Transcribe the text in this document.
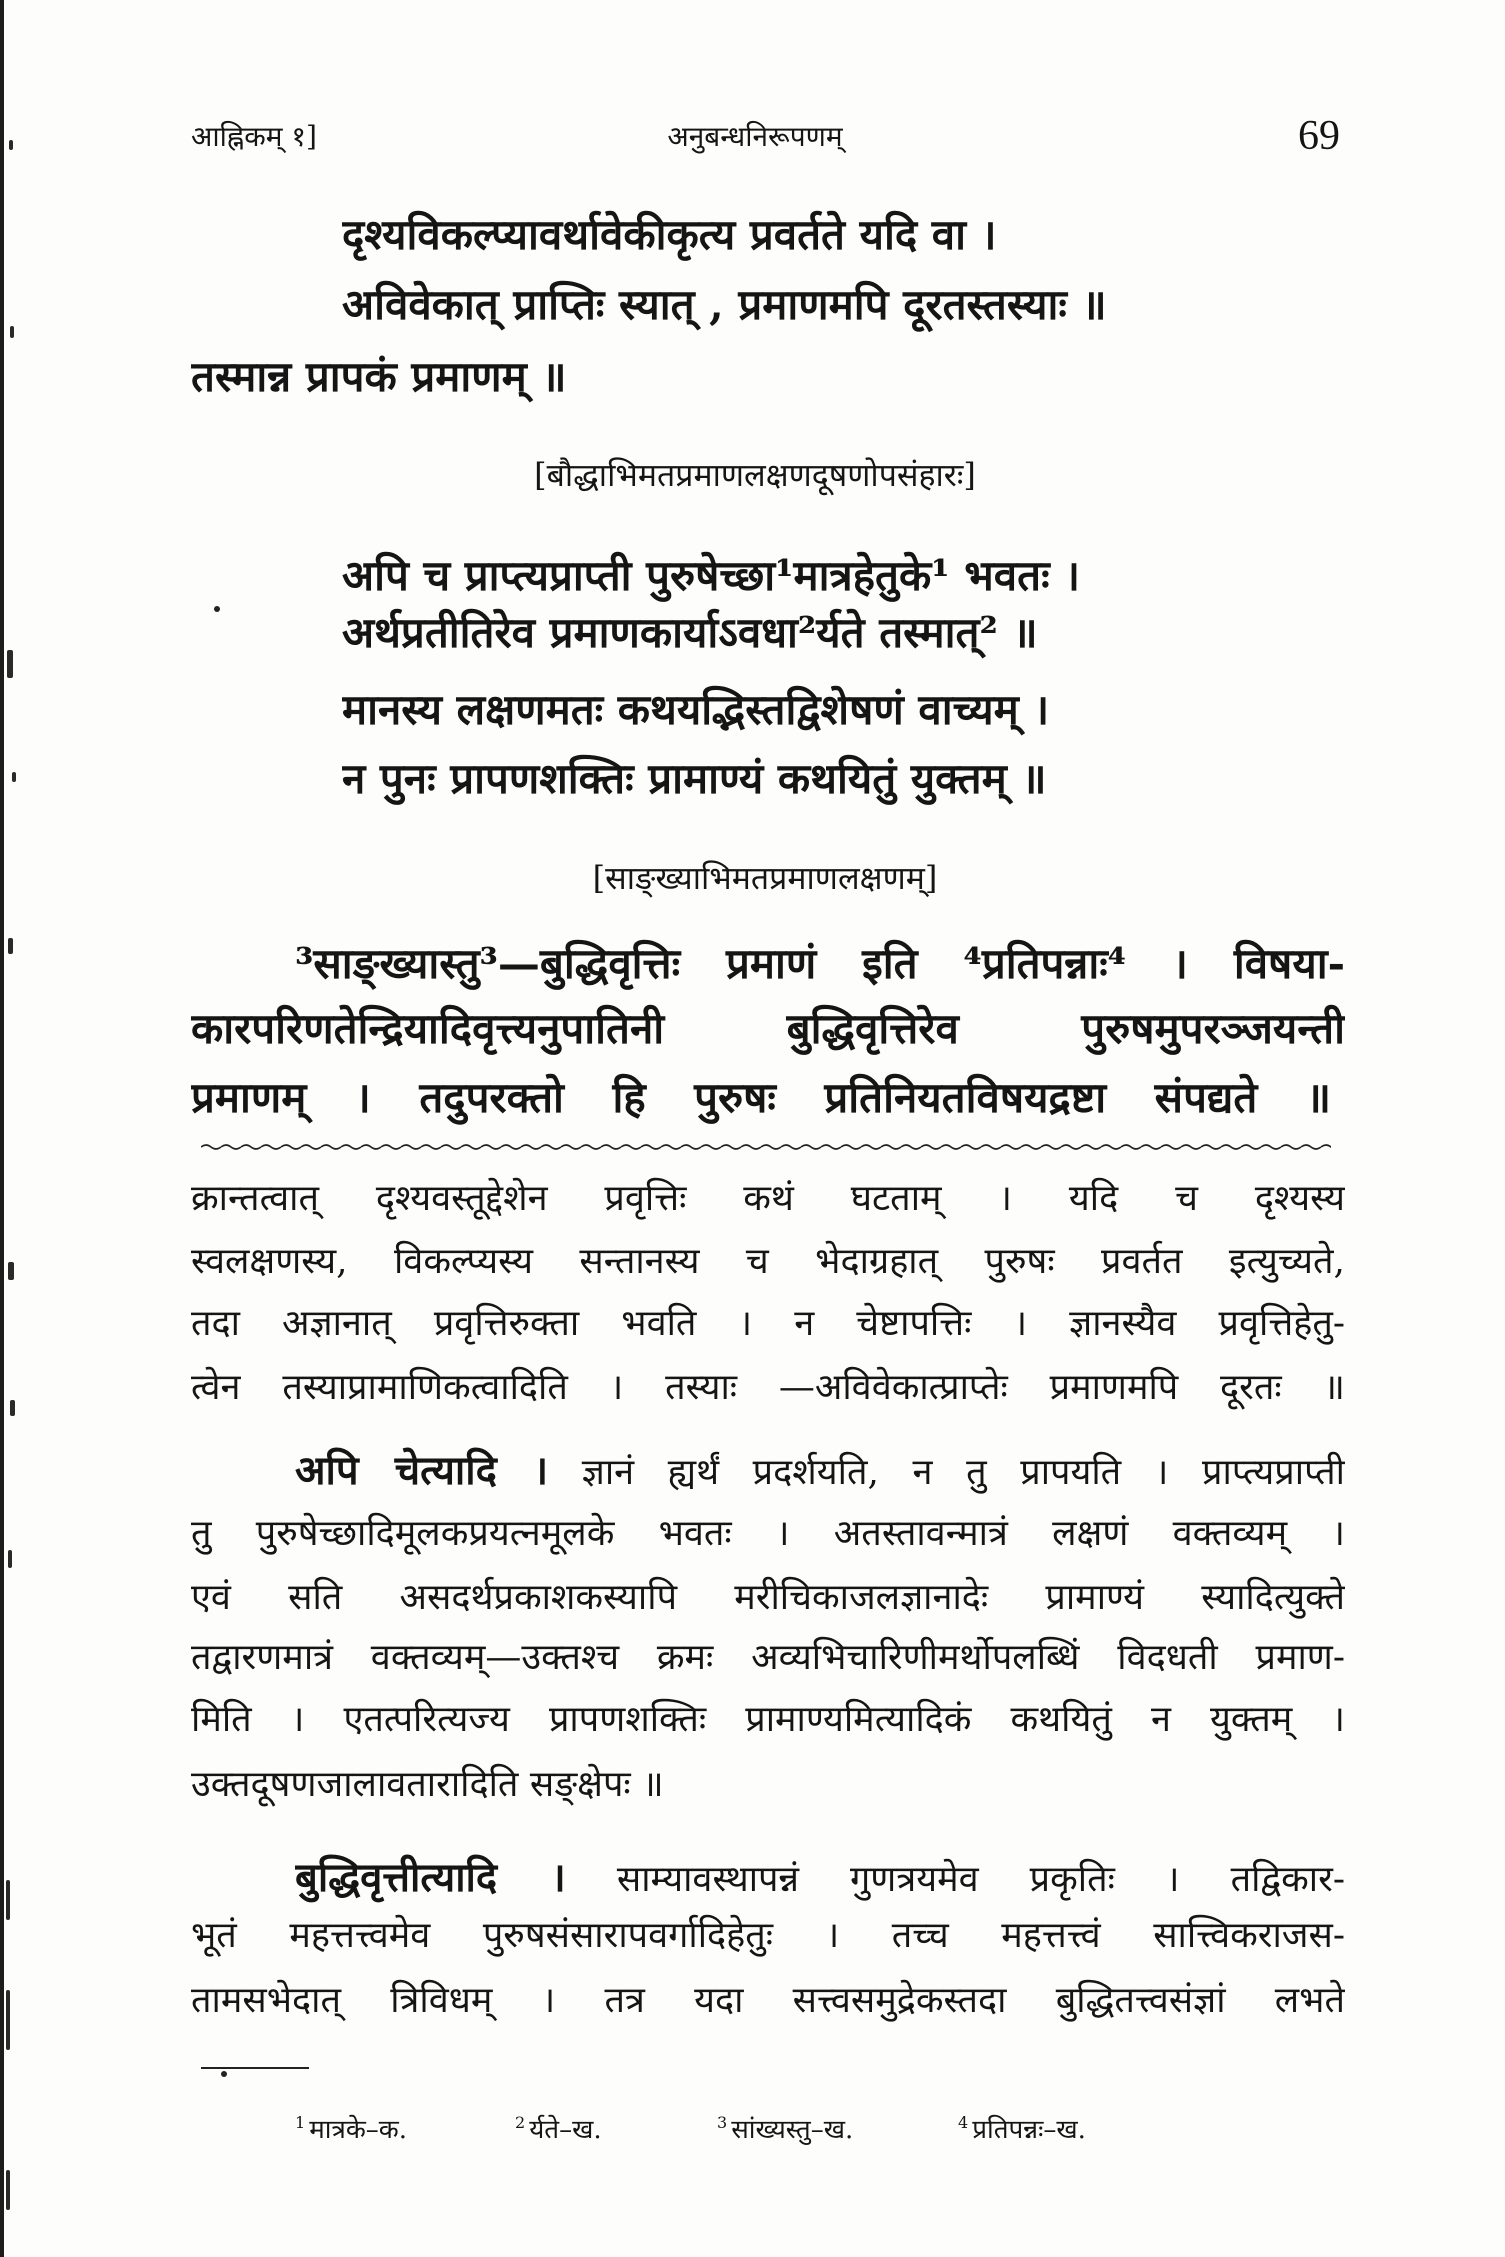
आह्निकम् १]	अनुबन्धनिरूपणम्	69
दृश्यविकल्प्यावर्थावेकीकृत्य प्रवर्तते यदि वा ।
अविवेकात् प्राप्तिः स्यात् , प्रमाणमपि दूरतस्तस्याः ॥
तस्मान्न प्रापकं प्रमाणम् ॥
[बौद्धाभिमतप्रमाणलक्षणदूषणोपसंहारः]
अपि च प्राप्त्यप्राप्ती पुरुषेच्छा¹मात्रहेतुके¹ भवतः ।
अर्थप्रतीतिरेव प्रमाणकार्याऽवधा²र्यते तस्मात्² ॥
मानस्य लक्षणमतः कथयद्भिस्तद्विशेषणं वाच्यम् ।
न पुनः प्रापणशक्तिः प्रामाण्यं कथयितुं युक्तम् ॥
[साङ्ख्याभिमतप्रमाणलक्षणम्]
³साङ्ख्यास्तु³—बुद्धिवृत्तिः प्रमाणं इति ⁴प्रतिपन्नाः⁴ । विषया-
कारपरिणतेन्द्रियादिवृत्त्यनुपातिनी बुद्धिवृत्तिरेव पुरुषमुपरञ्जयन्ती
प्रमाणम् । तदुपरक्तो हि पुरुषः प्रतिनियतविषयद्रष्टा संपद्यते ॥
क्रान्तत्वात् दृश्यवस्तूद्देशेन प्रवृत्तिः कथं घटताम् । यदि च दृश्यस्य
स्वलक्षणस्य, विकल्प्यस्य सन्तानस्य च भेदाग्रहात् पुरुषः प्रवर्तत इत्युच्यते,
तदा अज्ञानात् प्रवृत्तिरुक्ता भवति । न चेष्टापत्तिः । ज्ञानस्यैव प्रवृत्तिहेतु-
त्वेन तस्याप्रामाणिकत्वादिति । तस्याः —अविवेकात्प्राप्तेः प्रमाणमपि दूरतः ॥
अपि चेत्यादि । ज्ञानं ह्यर्थं प्रदर्शयति, न तु प्रापयति । प्राप्त्यप्राप्ती
तु पुरुषेच्छादिमूलकप्रयत्नमूलके भवतः । अतस्तावन्मात्रं लक्षणं वक्तव्यम् ।
एवं सति असदर्थप्रकाशकस्यापि मरीचिकाजलज्ञानादेः प्रामाण्यं स्यादित्युक्ते
तद्वारणमात्रं वक्तव्यम्—उक्तश्च क्रमः अव्यभिचारिणीमर्थोपलब्धिं विदधती प्रमाण-
मिति । एतत्परित्यज्य प्रापणशक्तिः प्रामाण्यमित्यादिकं कथयितुं न युक्तम् ।
उक्तदूषणजालावतारादिति सङ्क्षेपः ॥
बुद्धिवृत्तीत्यादि । साम्यावस्थापन्नं गुणत्रयमेव प्रकृतिः । तद्विकार-
भूतं महत्तत्त्वमेव पुरुषसंसारापवर्गादिहेतुः । तच्च महत्तत्त्वं सात्त्विकराजस-
तामसभेदात् त्रिविधम् । तत्र यदा सत्त्वसमुद्रेकस्तदा बुद्धितत्त्वसंज्ञां लभते
$^1$ मात्रके–क.	$^2$ र्यते–ख.	$^3$ सांख्यस्तु–ख.	$^4$ प्रतिपन्नः–ख.
